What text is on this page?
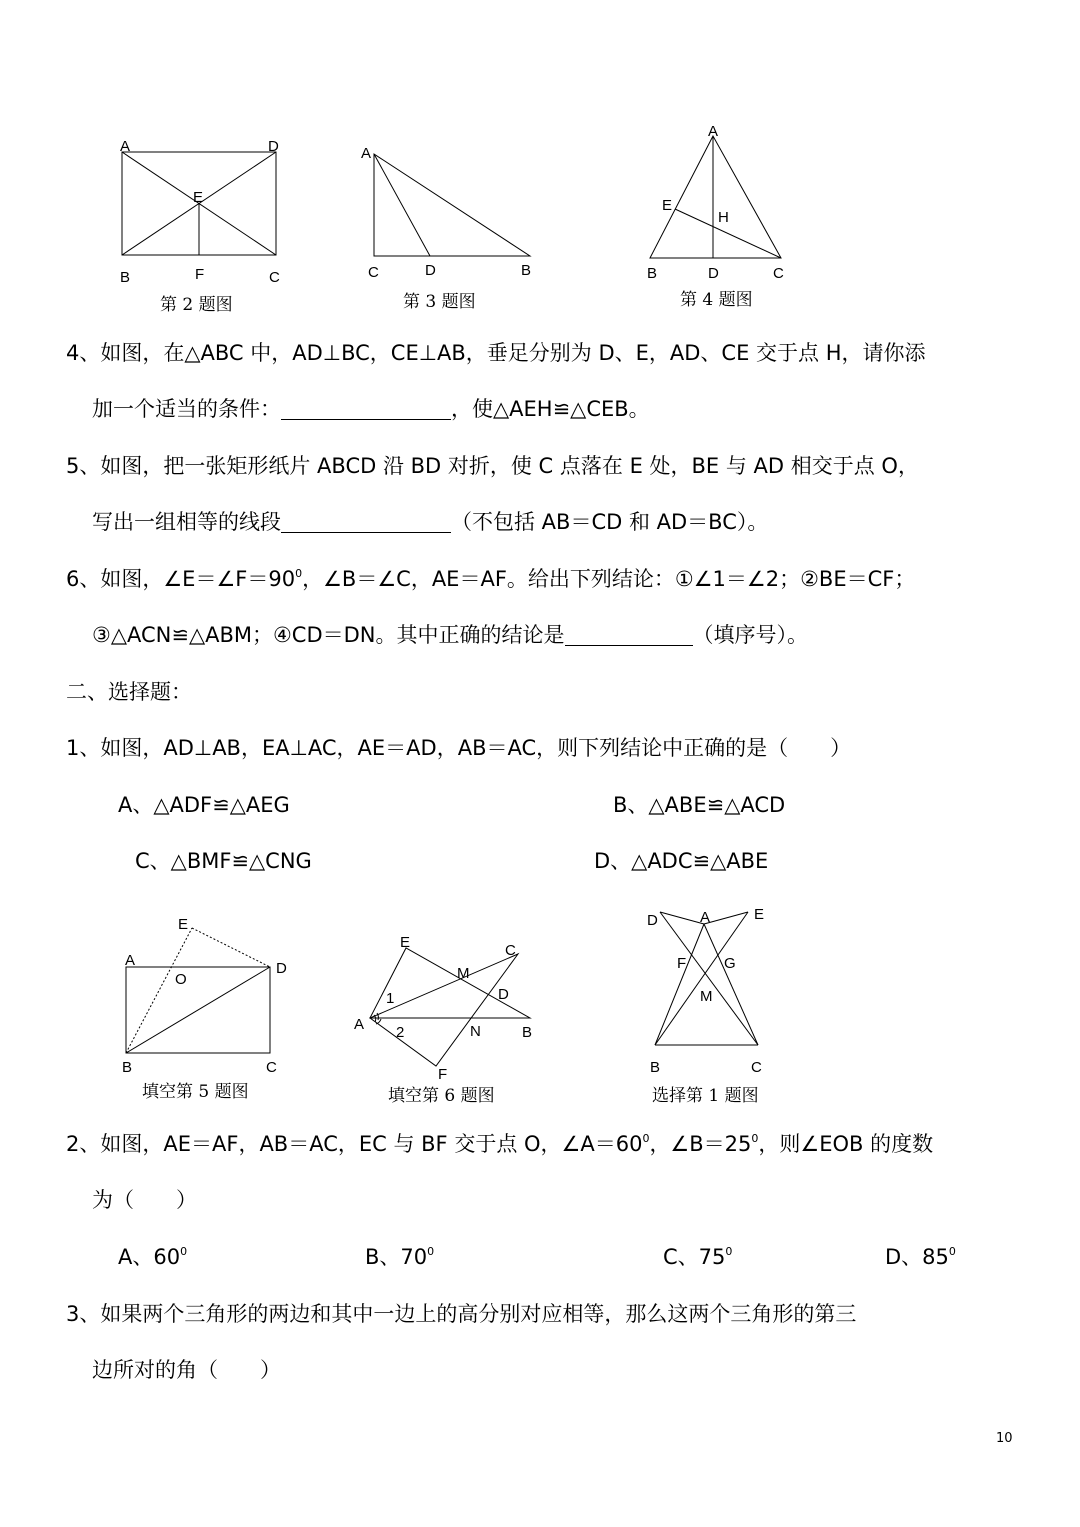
A	D
E
B	F	C
第 2 题图
A
C	D	B
第 3 题图
A
E
H
B	D	C
第 4 题图
4、如图，在△ABC 中，AD⊥BC，CE⊥AB，垂足分别为 D、E，AD、CE 交于点 H，请你添
加一个适当的条件：	，使△AEH≌△CEB。
5、如图，把一张矩形纸片 ABCD 沿 BD 对折，使 C 点落在 E 处，BE 与 AD 相交于点 O，
写出一组相等的线段	（不包括 AB＝CD 和 AD＝BC）。
6、如图，$\angle E=\angle F=90^0$，∠B＝∠C，AE＝AF。给出下列结论：①∠1＝∠2；②BE＝CF；
③△ACN≌△ABM；④CD＝DN。其中正确的结论是	（填序号）。
二、选择题：
1、如图，AD⊥AB，EA⊥AC，AE＝AD，AB＝AC，则下列结论中正确的是（　　）
A、△ADF≌△AEG	B、△ABE≌△ACD
C、△BMF≌△CNG	D、△ADC≌△ABE
E
A
O
D
B	C
填空第 5 题图
E	C
M
D
1
A 2	N	B
F
填空第 6 题图
D	A	E
F	G
M
B	C
选择第 1 题图
2、如图，AE＝AF，AB＝AC，EC 与 BF 交于点 O，$\angle A=60^0$，$\angle B=25^0$，则∠EOB 的度数
为（　　）
A、$60^0$	B、$70^0$	C、$75^0$	D、$85^0$
3、如果两个三角形的两边和其中一边上的高分别对应相等，那么这两个三角形的第三
边所对的角（　　）
10
